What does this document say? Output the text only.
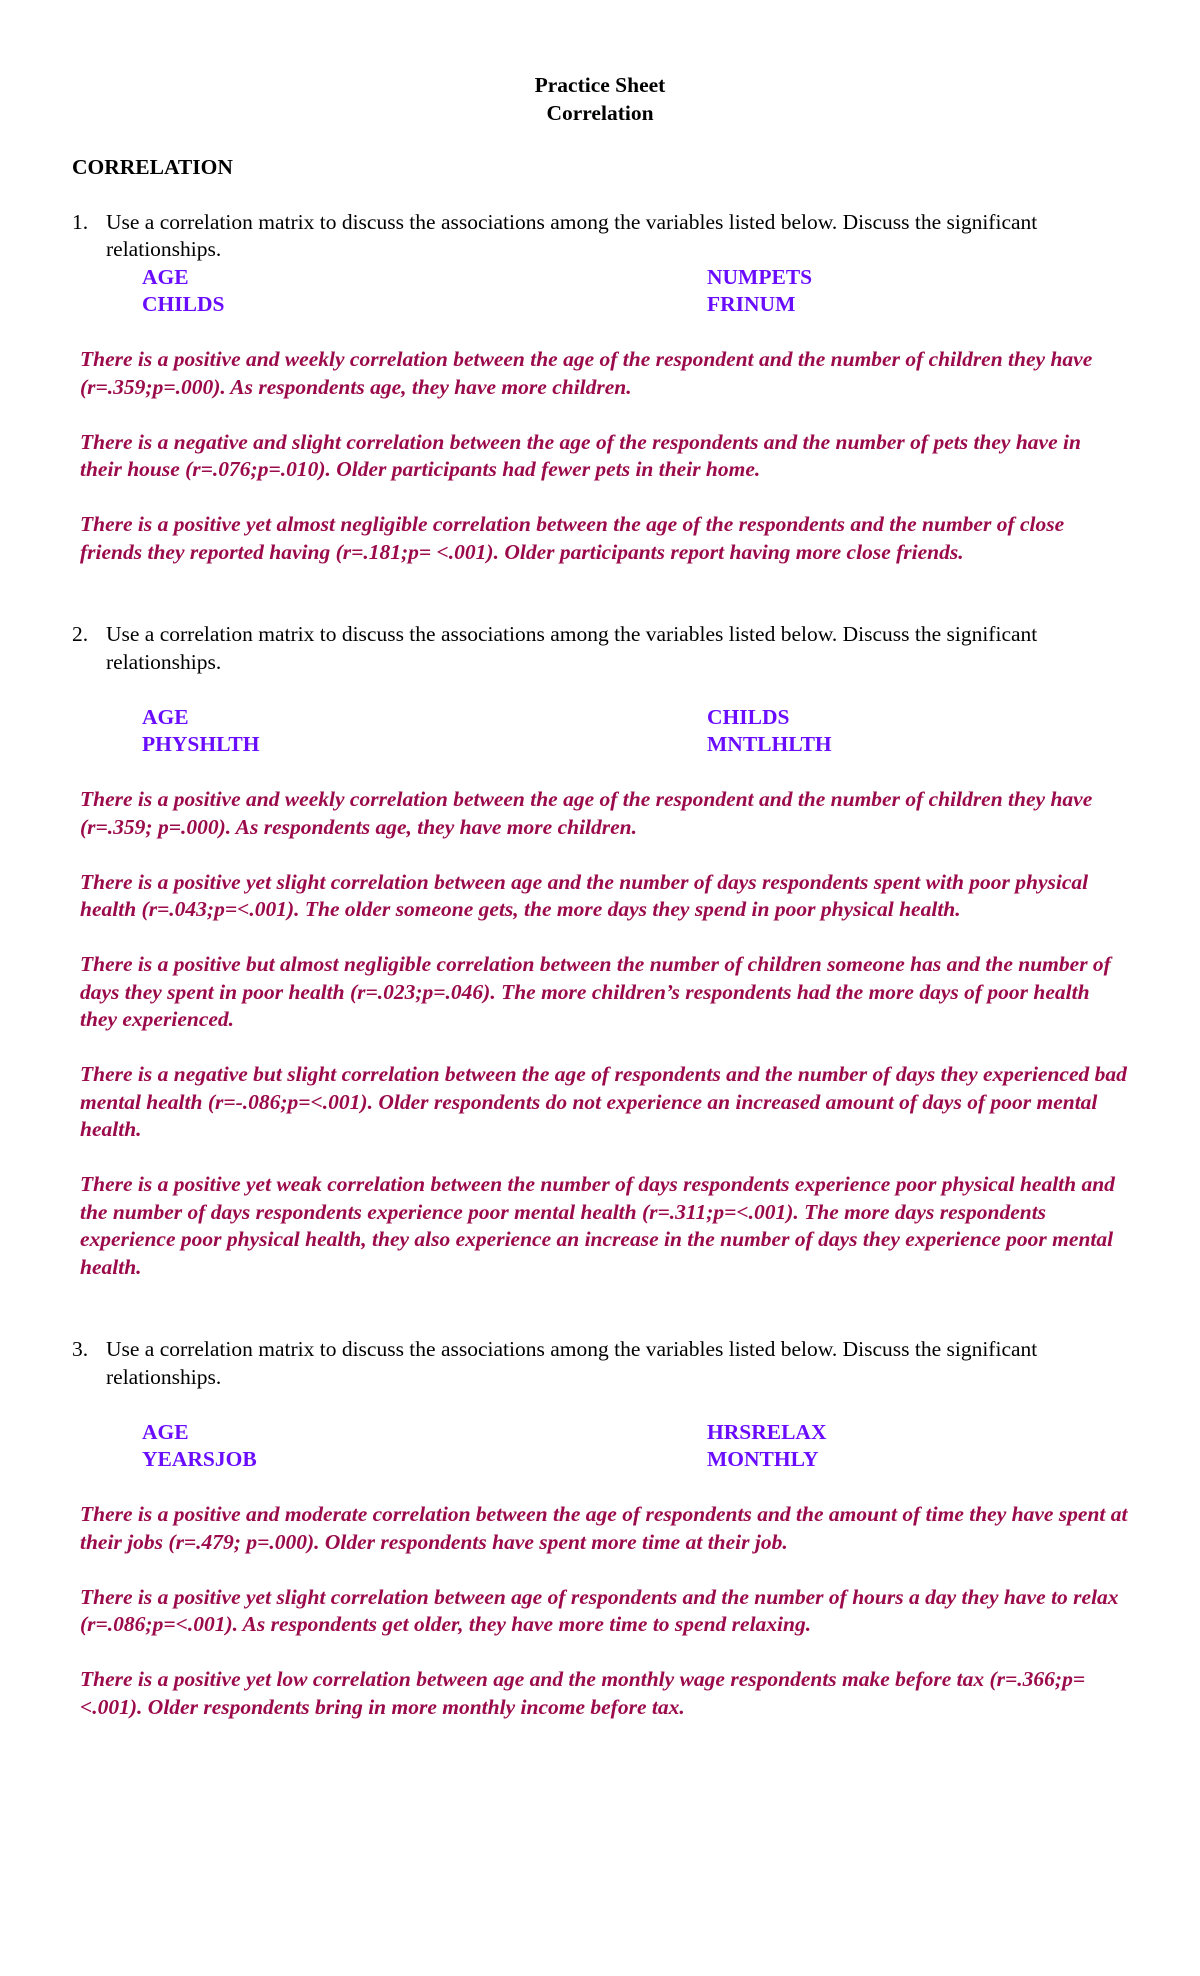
Practice Sheet

Correlation

CORRELATION

1. Use a correlation matrix to discuss the associations among the variables listed below. Discuss the significant relationships.

AGE	NUMPETS
CHILDS	FRINUM

There is a positive and weekly correlation between the age of the respondent and the number of children they have (r=.359;p=.000). As respondents age, they have more children.

There is a negative and slight correlation between the age of the respondents and the number of pets they have in their house (r=.076;p=.010). Older participants had fewer pets in their home.

There is a positive yet almost negligible correlation between the age of the respondents and the number of close friends they reported having (r=.181;p= <.001). Older participants report having more close friends.

2. Use a correlation matrix to discuss the associations among the variables listed below. Discuss the significant relationships.

AGE	CHILDS
PHYSHLTH	MNTLHLTH

There is a positive and weekly correlation between the age of the respondent and the number of children they have (r=.359; p=.000). As respondents age, they have more children.

There is a positive yet slight correlation between age and the number of days respondents spent with poor physical health (r=.043;p=<.001). The older someone gets, the more days they spend in poor physical health.

There is a positive but almost negligible correlation between the number of children someone has and the number of days they spent in poor health (r=.023;p=.046). The more children’s respondents had the more days of poor health they experienced.

There is a negative but slight correlation between the age of respondents and the number of days they experienced bad mental health (r=-.086;p=<.001). Older respondents do not experience an increased amount of days of poor mental health.

There is a positive yet weak correlation between the number of days respondents experience poor physical health and the number of days respondents experience poor mental health (r=.311;p=<.001). The more days respondents experience poor physical health, they also experience an increase in the number of days they experience poor mental health.

3. Use a correlation matrix to discuss the associations among the variables listed below. Discuss the significant relationships.

AGE	HRSRELAX
YEARSJOB	MONTHLY

There is a positive and moderate correlation between the age of respondents and the amount of time they have spent at their jobs (r=.479; p=.000). Older respondents have spent more time at their job.

There is a positive yet slight correlation between age of respondents and the number of hours a day they have to relax (r=.086;p=<.001). As respondents get older, they have more time to spend relaxing.

There is a positive yet low correlation between age and the monthly wage respondents make before tax (r=.366;p=<.001). Older respondents bring in more monthly income before tax.
